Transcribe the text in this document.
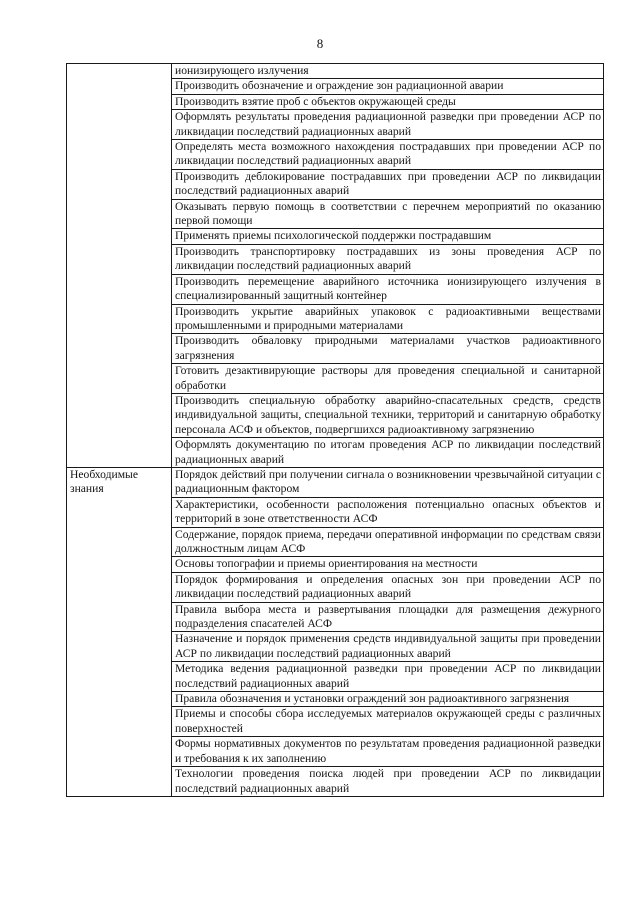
8
	ионизирующего излучения
	Производить обозначение и ограждение зон радиационной аварии
	Производить взятие проб с объектов окружающей среды
	Оформлять результаты проведения радиационной разведки при проведении АСР по ликвидации последствий радиационных аварий
	Определять места возможного нахождения пострадавших при проведении АСР по ликвидации последствий радиационных аварий
	Производить деблокирование пострадавших при проведении АСР по ликвидации последствий радиационных аварий
	Оказывать первую помощь в соответствии с перечнем мероприятий по оказанию первой помощи
	Применять приемы психологической поддержки пострадавшим
	Производить транспортировку пострадавших из зоны проведения АСР по ликвидации последствий радиационных аварий
	Производить перемещение аварийного источника ионизирующего излучения в специализированный защитный контейнер
	Производить укрытие аварийных упаковок с радиоактивными веществами промышленными и природными материалами
	Производить обваловку природными материалами участков радиоактивного загрязнения
	Готовить дезактивирующие растворы для проведения специальной и санитарной обработки
	Производить специальную обработку аварийно-спасательных средств, средств индивидуальной защиты, специальной техники, территорий и санитарную обработку персонала АСФ и объектов, подвергшихся радиоактивному загрязнению
	Оформлять документацию по итогам проведения АСР по ликвидации последствий радиационных аварий

Необходимые знания	Порядок действий при получении сигнала о возникновении чрезвычайной ситуации с радиационным фактором
	Характеристики, особенности расположения потенциально опасных объектов и территорий в зоне ответственности АСФ
	Содержание, порядок приема, передачи оперативной информации по средствам связи должностным лицам АСФ
	Основы топографии и приемы ориентирования на местности
	Порядок формирования и определения опасных зон при проведении АСР по ликвидации последствий радиационных аварий
	Правила выбора места и развертывания площадки для размещения дежурного подразделения спасателей АСФ
	Назначение и порядок применения средств индивидуальной защиты при проведении АСР по ликвидации последствий радиационных аварий
	Методика ведения радиационной разведки при проведении АСР по ликвидации последствий радиационных аварий
	Правила обозначения и установки ограждений зон радиоактивного загрязнения
	Приемы и способы сбора исследуемых материалов окружающей среды с различных поверхностей
	Формы нормативных документов по результатам проведения радиационной разведки и требования к их заполнению
	Технологии проведения поиска людей при проведении АСР по ликвидации последствий радиационных аварий
